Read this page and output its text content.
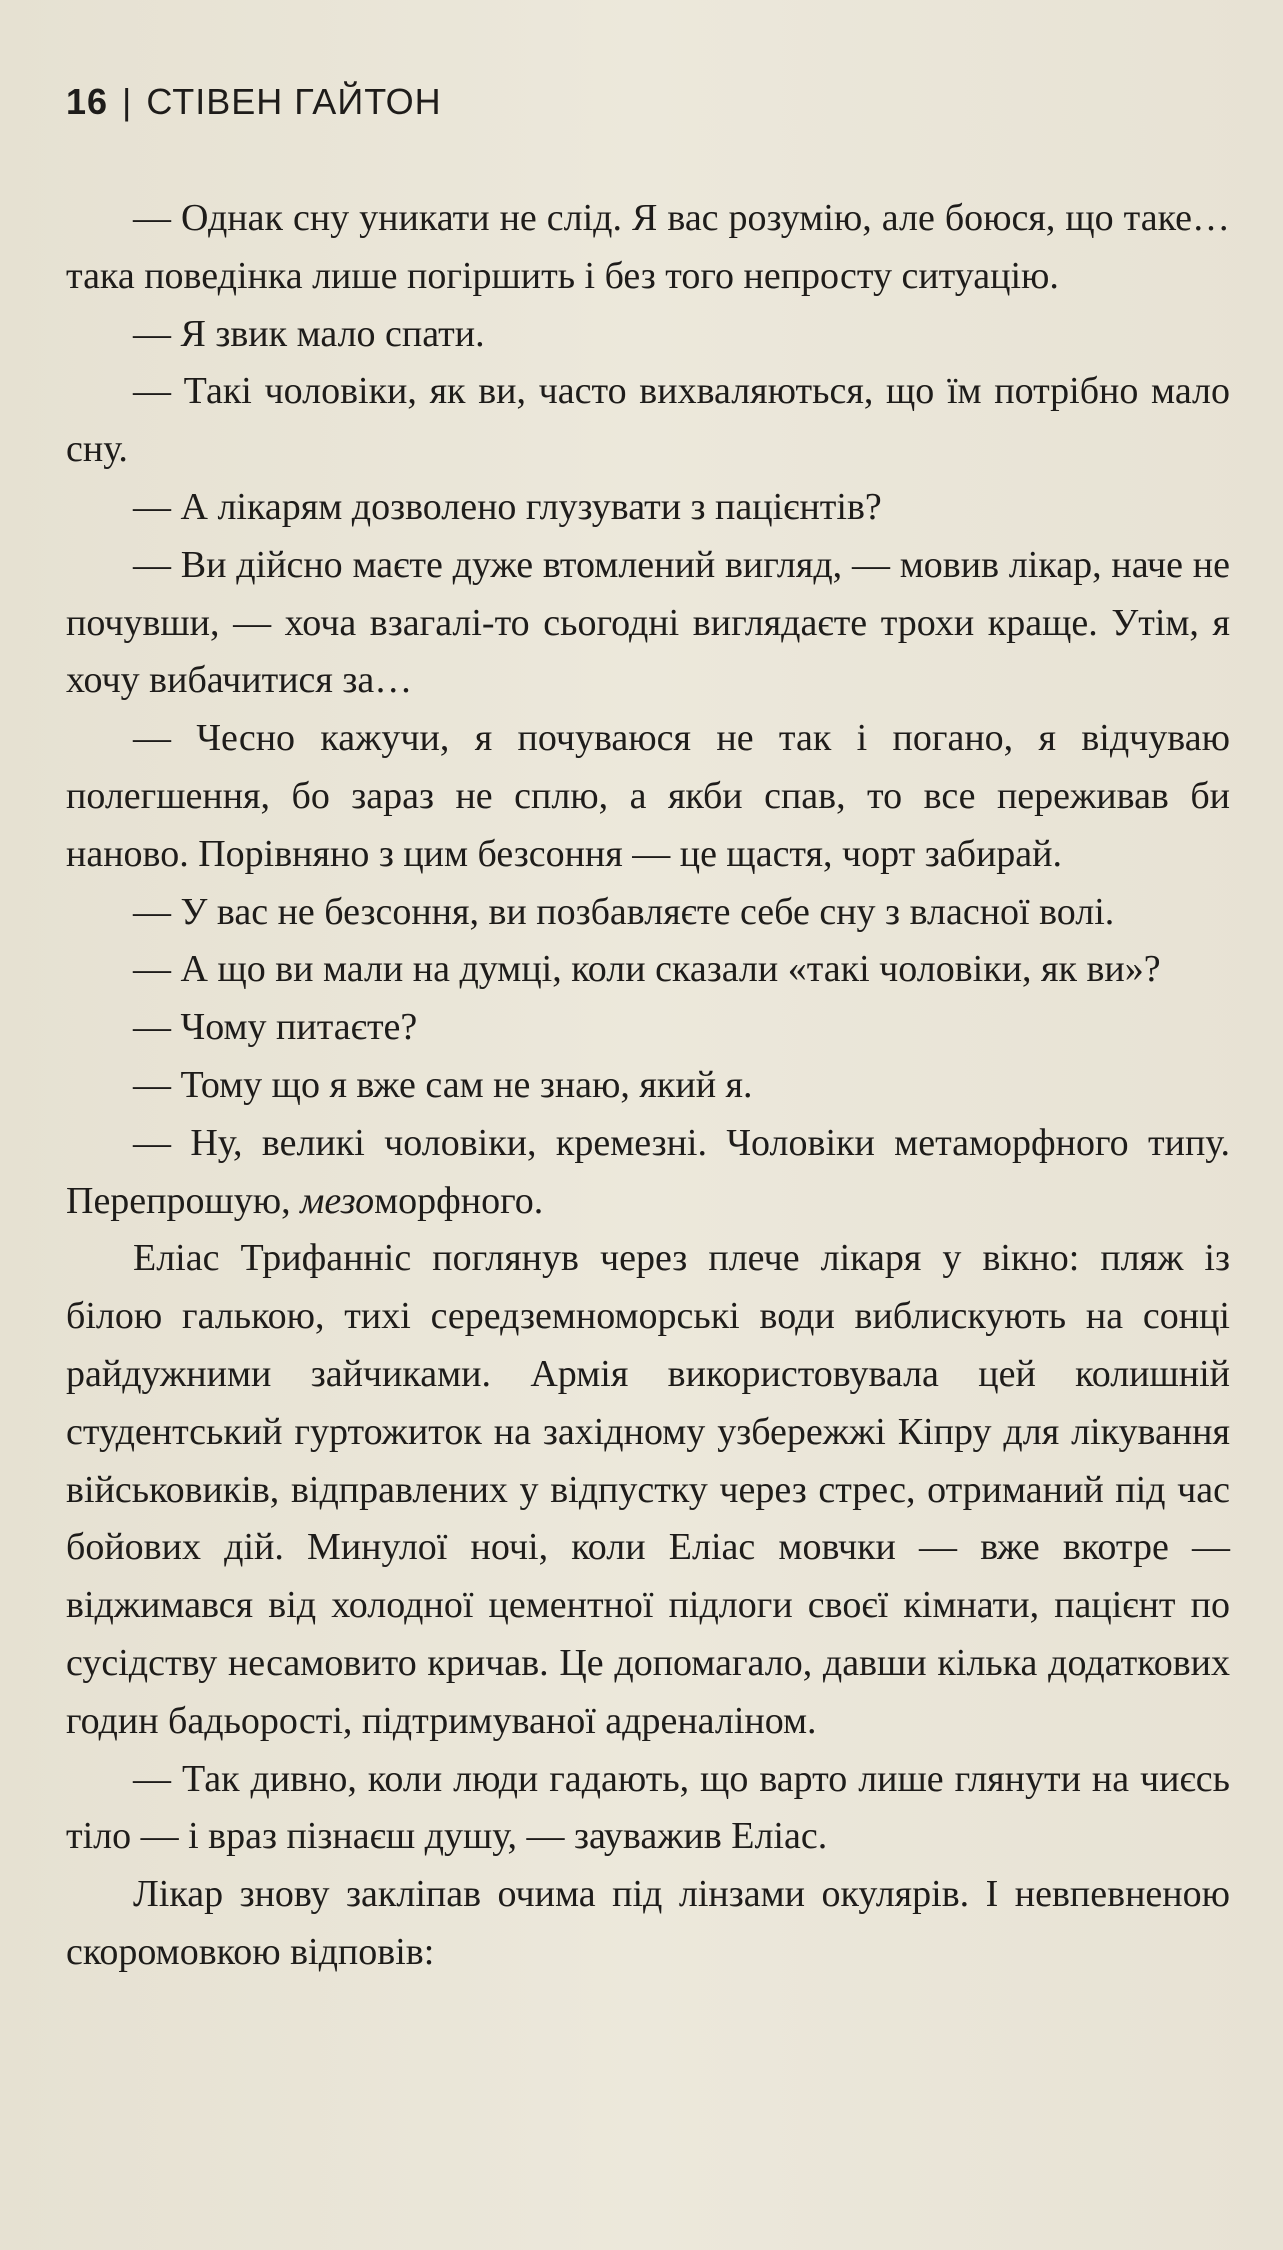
16 | СТІВЕН ГАЙТОН

— Однак сну уникати не слід. Я вас розумію, але боюся, що таке… така поведінка лише погіршить і без того непросту ситуацію.

— Я звик мало спати.

— Такі чоловіки, як ви, часто вихваляються, що їм потрібно мало сну.

— А лікарям дозволено глузувати з пацієнтів?

— Ви дійсно маєте дуже втомлений вигляд, — мовив лікар, наче не почувши, — хоча взагалі-то сьогодні виглядаєте трохи краще. Утім, я хочу вибачитися за…

— Чесно кажучи, я почуваюся не так і погано, я відчуваю полегшення, бо зараз не сплю, а якби спав, то все переживав би наново. Порівняно з цим безсоння — це щастя, чорт забирай.

— У вас не безсоння, ви позбавляєте себе сну з власної волі.

— А що ви мали на думці, коли сказали «такі чоловіки, як ви»?

— Чому питаєте?

— Тому що я вже сам не знаю, який я.

— Ну, великі чоловіки, кремезні. Чоловіки метаморфного типу. Перепрошую, мезоморфного.

Еліас Трифанніс поглянув через плече лікаря у вікно: пляж із білою галькою, тихі середземноморські води виблискують на сонці райдужними зайчиками. Армія використовувала цей колишній студентський гуртожиток на західному узбережжі Кіпру для лікування військовиків, відправлених у відпустку через стрес, отриманий під час бойових дій. Минулої ночі, коли Еліас мовчки — вже вкотре — віджимався від холодної цементної підлоги своєї кімнати, пацієнт по сусідству несамовито кричав. Це допомагало, давши кілька додаткових годин бадьорості, підтримуваної адреналіном.

— Так дивно, коли люди гадають, що варто лише глянути на чиєсь тіло — і враз пізнаєш душу, — зауважив Еліас.

Лікар знову закліпав очима під лінзами окулярів. І невпевненою скоромовкою відповів:
